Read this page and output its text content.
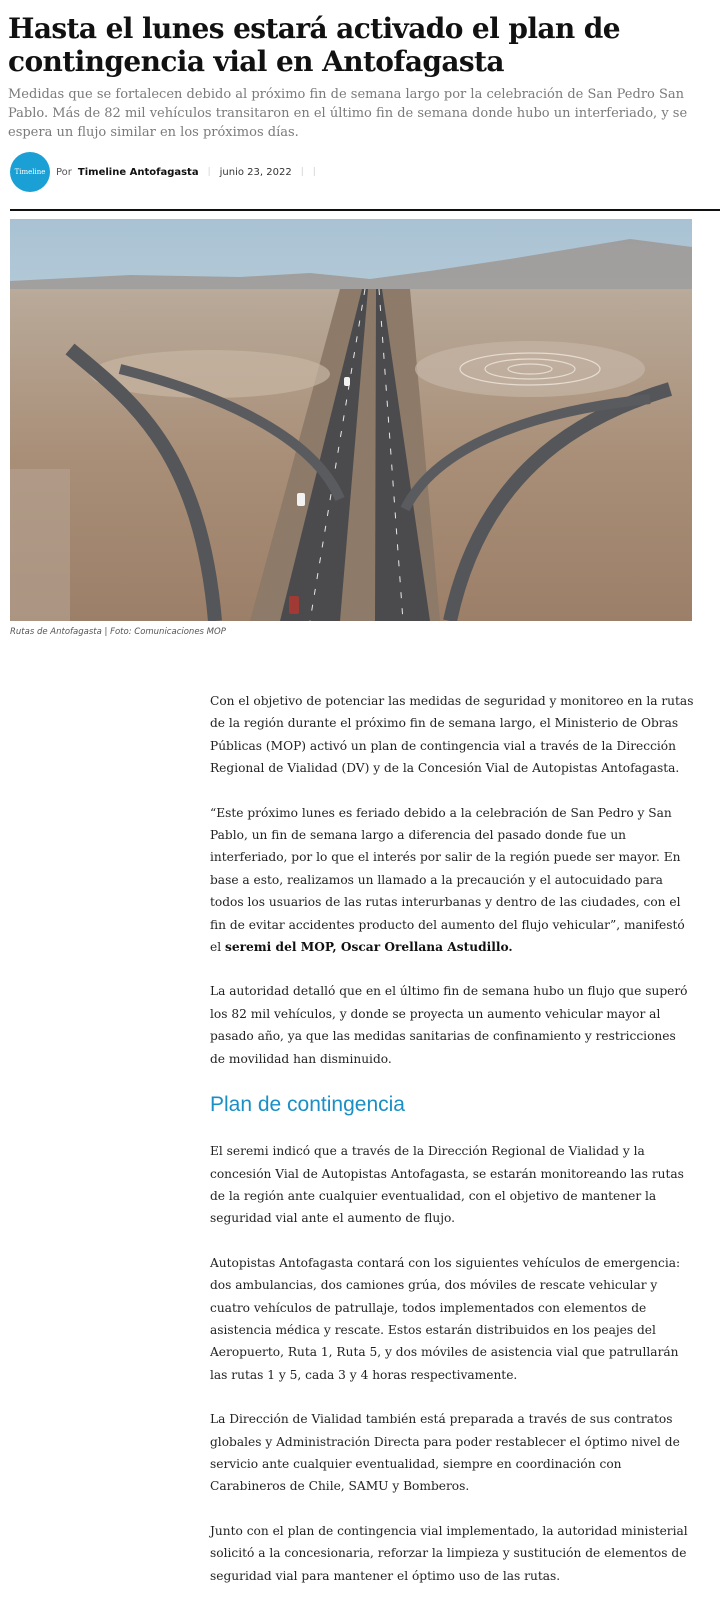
Hasta el lunes estará activado el plan de contingencia vial en Antofagasta

Medidas que se fortalecen debido al próximo fin de semana largo por la celebración de San Pedro San Pablo. Más de 82 mil vehículos transitaron en el último fin de semana donde hubo un interferiado, y se espera un flujo similar en los próximos días.

Timeline	Por Timeline Antofagasta | junio 23, 2022 | |

Rutas de Antofagasta | Foto: Comunicaciones MOP

Con el objetivo de potenciar las medidas de seguridad y monitoreo en la rutas de la región durante el próximo fin de semana largo, el Ministerio de Obras Públicas (MOP) activó un plan de contingencia vial a través de la Dirección Regional de Vialidad (DV) y de la Concesión Vial de Autopistas Antofagasta.

“Este próximo lunes es feriado debido a la celebración de San Pedro y San Pablo, un fin de semana largo a diferencia del pasado donde fue un interferiado, por lo que el interés por salir de la región puede ser mayor. En base a esto, realizamos un llamado a la precaución y el autocuidado para todos los usuarios de las rutas interurbanas y dentro de las ciudades, con el fin de evitar accidentes producto del aumento del flujo vehicular”, manifestó el seremi del MOP, Oscar Orellana Astudillo.

La autoridad detalló que en el último fin de semana hubo un flujo que superó los 82 mil vehículos, y donde se proyecta un aumento vehicular mayor al pasado año, ya que las medidas sanitarias de confinamiento y restricciones de movilidad han disminuido.

Plan de contingencia

El seremi indicó que a través de la Dirección Regional de Vialidad y la concesión Vial de Autopistas Antofagasta, se estarán monitoreando las rutas de la región ante cualquier eventualidad, con el objetivo de mantener la seguridad vial ante el aumento de flujo.

Autopistas Antofagasta contará con los siguientes vehículos de emergencia: dos ambulancias, dos camiones grúa, dos móviles de rescate vehicular y cuatro vehículos de patrullaje, todos implementados con elementos de asistencia médica y rescate. Estos estarán distribuidos en los peajes del Aeropuerto, Ruta 1, Ruta 5, y dos móviles de asistencia vial que patrullarán las rutas 1 y 5, cada 3 y 4 horas respectivamente.

La Dirección de Vialidad también está preparada a través de sus contratos globales y Administración Directa para poder restablecer el óptimo nivel de servicio ante cualquier eventualidad, siempre en coordinación con Carabineros de Chile, SAMU y Bomberos.

Junto con el plan de contingencia vial implementado, la autoridad ministerial solicitó a la concesionaria, reforzar la limpieza y sustitución de elementos de seguridad vial para mantener el óptimo uso de las rutas.
